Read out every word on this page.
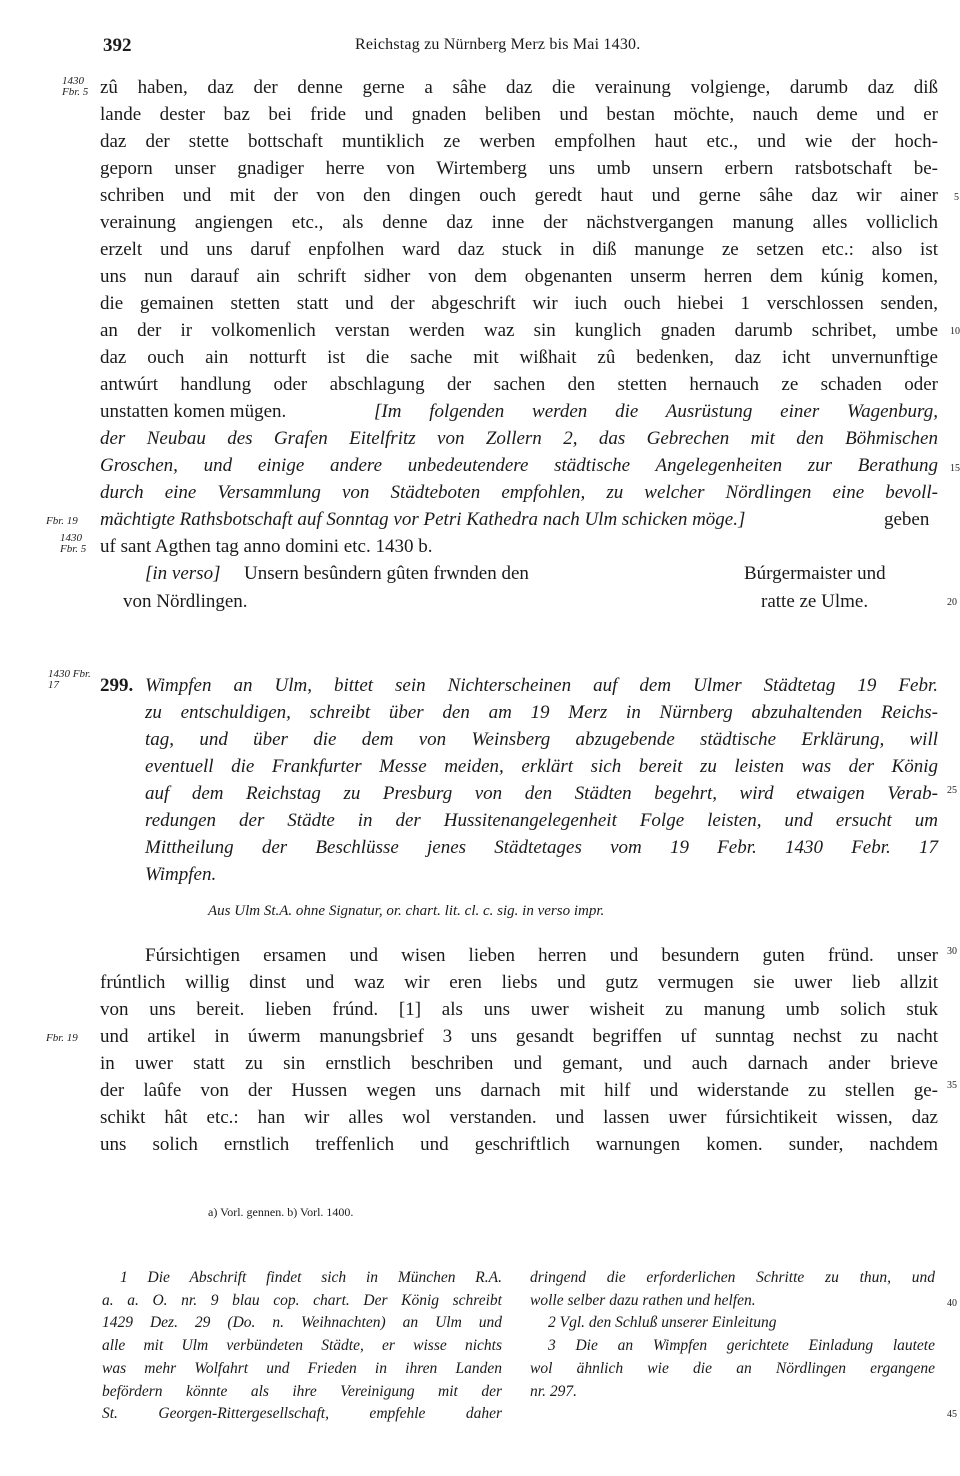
392	Reichstag zu Nürnberg Merz bis Mai 1430.
1430 Fbr. 5
Fbr. 19
1430 Fbr. 5
1430 Fbr. 17
Fbr. 19
5
10
15
20
25
30
35
40
45
zû haben, daz der denne gerne a sâhe daz die verainung volgiengе, darumb daz diß
lande dester baz bei fride und gnaden beliben und bestan möchte, nauch deme und er
daz der stette bottschaft muntiklich ze werben empfolhen haut etc., und wie der hoch-
geporn unser gnadiger herre von Wirtemberg uns umb unsern erbern ratsbotschaft be-
schriben und mit der von den dingen ouch geredt haut und gerne sâhe daz wir ainer
verainung angiengen etc., als denne daz inne der nächstvergangen manung alles volliclich
erzelt und uns daruf enpfolhen ward daz stuck in diß manunge ze setzen etc.: also ist
uns nun darauf ain schrift sidher von dem obgenanten unserm herren dem kúnig komen,
die gemainen stetten statt und der abgeschrift wir iuch ouch hiebei 1 verschlossen senden,
an der ir volkomenlich verstan werden waz sin kunglich gnaden darumb schribet, umbe
daz ouch ain notturft ist die sache mit wißhait zû bedenken, daz icht unvernunftige
antwúrt handlung oder abschlagung der sachen den stetten hernauch ze schaden oder
unstatten komen mügen.	[Im folgenden werden die Ausrüstung einer Wagenburg,
der Neubau des Grafen Eitelfritz von Zollern 2, das Gebrechen mit den Böhmischen
Groschen, und einige andere unbedeutendere städtische Angelegenheiten zur Berathung
durch eine Versammlung von Städteboten empfohlen, zu welcher Nördlingen eine bevoll-
mächtigte Rathsbotschaft auf Sonntag vor Petri Kathedra nach Ulm schicken möge.]	geben
uf sant Agthen tag anno domini etc. 1430 b.
[in verso] Unsern besûndern gûten frwnden den
von Nördlingen.
Búrgermaister und
ratte ze Ulme.
299. Wimpfen an Ulm, bittet sein Nichterscheinen auf dem Ulmer Städtetag 19 Febr.
zu entschuldigen, schreibt über den am 19 Merz in Nürnberg abzuhaltenden Reichs-
tag, und über die dem von Weinsberg abzugebende städtische Erklärung, will
eventuell die Frankfurter Messe meiden, erklärt sich bereit zu leisten was der König
auf dem Reichstag zu Presburg von den Städten begehrt, wird etwaigen Verab-
redungen der Städte in der Hussitenangelegenheit Folge leisten, und ersucht um
Mittheilung der Beschlüsse jenes Städtetages vom 19 Febr. 1430 Febr. 17
Wimpfen.
Aus Ulm St.A. ohne Signatur, or. chart. lit. cl. c. sig. in verso impr.
Fúrsichtigen ersamen und wisen lieben herren und besundern guten fründ. unser
frúntlich willig dinst und waz wir eren liebs und gutz vermugen sie uwer lieb allzit
von uns bereit. lieben frúnd. [1] als uns uwer wisheit zu manung umb solich stuk
und artikel in úwerm manungsbrief 3 uns gesandt begriffen uf sunntag nechst zu nacht
in uwer statt zu sin ernstlich beschriben und gemant, und auch darnach ander brieve
der laûfe von der Hussen wegen uns darnach mit hilf und widerstande zu stellen ge-
schikt hât etc.: han wir alles wol verstanden. und lassen uwer fúrsichtikeit wissen, daz
uns solich ernstlich treffenlich und geschriftlich warnungen komen. sunder, nachdem
a) Vorl. gennen. b) Vorl. 1400.
1 Die Abschrift findet sich in München R.A.
a. a. O. nr. 9 blau cop. chart. Der König schreibt
1429 Dez. 29 (Do. n. Weihnachten) an Ulm und
alle mit Ulm verbündeten Städte, er wisse nichts
was mehr Wolfahrt und Frieden in ihren Landen
befördern könnte als ihre Vereinigung mit der
St. Georgen-Rittergesellschaft, empfehle daher
dringend die erforderlichen Schritte zu thun, und
wolle selber dazu rathen und helfen.
2 Vgl. den Schluß unserer Einleitung
3 Die an Wimpfen gerichtete Einladung lautete
wol ähnlich wie die an Nördlingen ergangene
nr. 297.
